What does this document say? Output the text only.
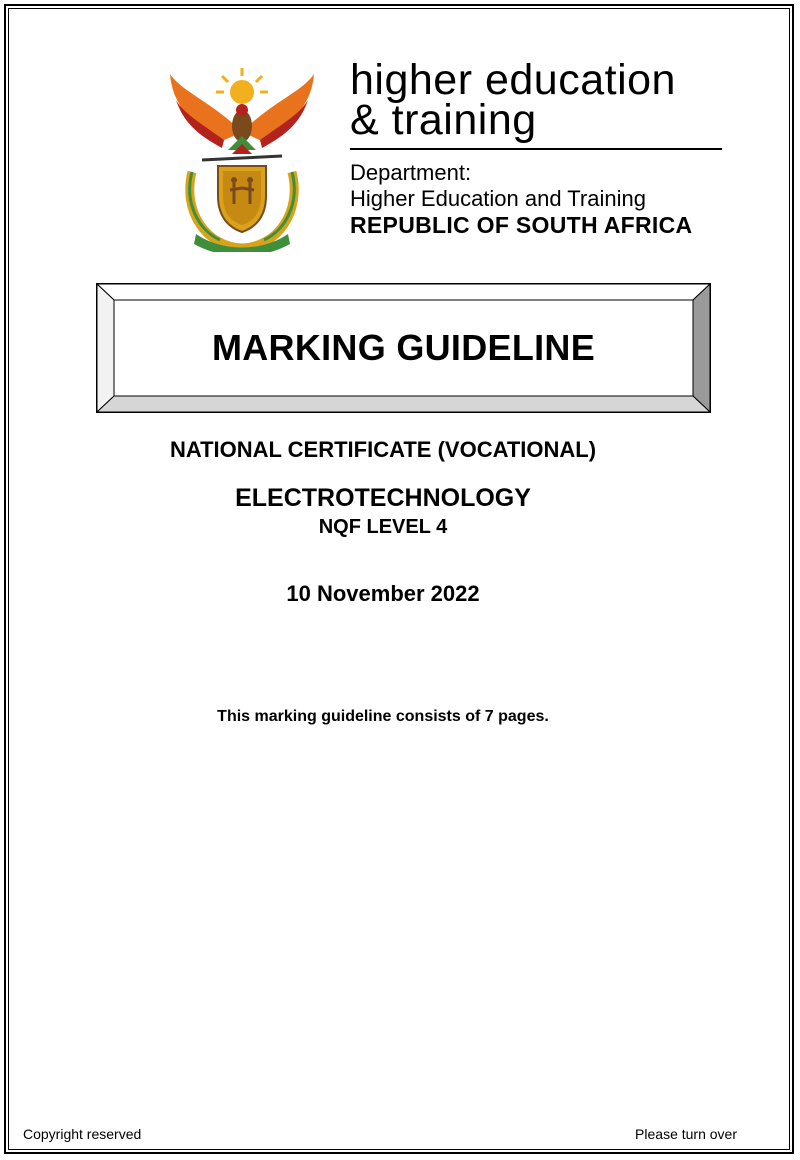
higher education
& training
Department:
Higher Education and Training
REPUBLIC OF SOUTH AFRICA
MARKING GUIDELINE
NATIONAL CERTIFICATE (VOCATIONAL)
ELECTROTECHNOLOGY
NQF LEVEL 4
10 November 2022
This marking guideline consists of 7 pages.
Copyright reserved	Please turn over
